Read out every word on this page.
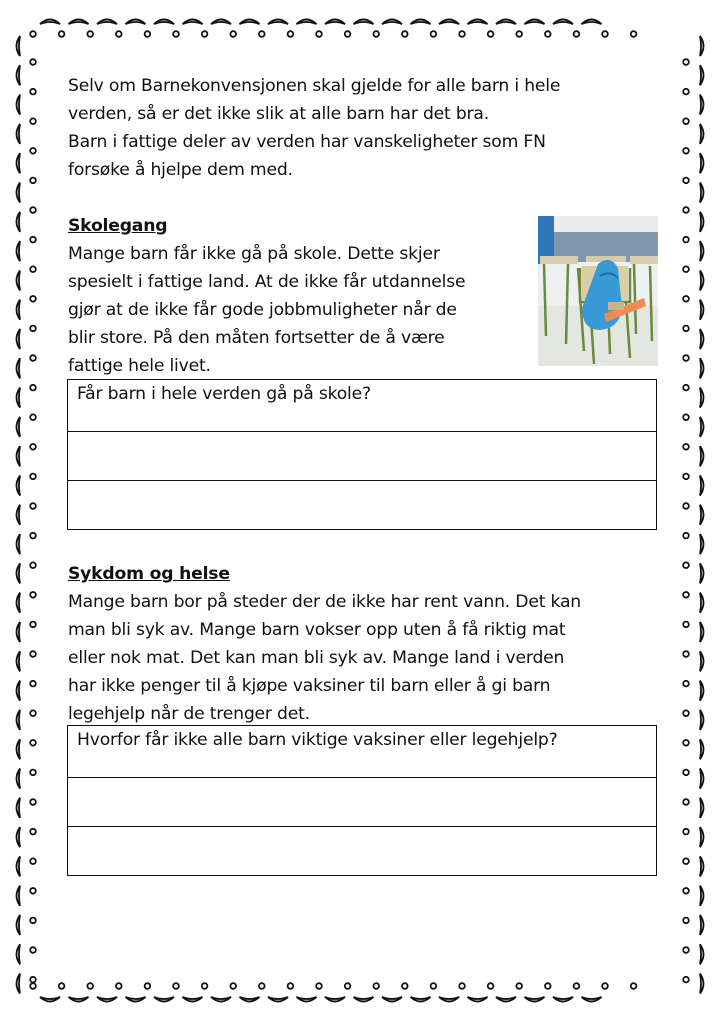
Selv om Barnekonvensjonen skal gjelde for alle barn i hele
verden, så er det ikke slik at alle barn har det bra.
Barn i fattige deler av verden har vanskeligheter som FN
forsøke å hjelpe dem med.
Skolegang
Mange barn får ikke gå på skole. Dette skjer
spesielt i fattige land. At de ikke får utdannelse
gjør at de ikke får gode jobbmuligheter når de
blir store. På den måten fortsetter de å være
fattige hele livet.
Får barn i hele verden gå på skole?
Sykdom og helse
Mange barn bor på steder der de ikke har rent vann. Det kan
man bli syk av. Mange barn vokser opp uten å få riktig mat
eller nok mat. Det kan man bli syk av. Mange land i verden
har ikke penger til å kjøpe vaksiner til barn eller å gi barn
legehjelp når de trenger det.
Hvorfor får ikke alle barn viktige vaksiner eller legehjelp?
